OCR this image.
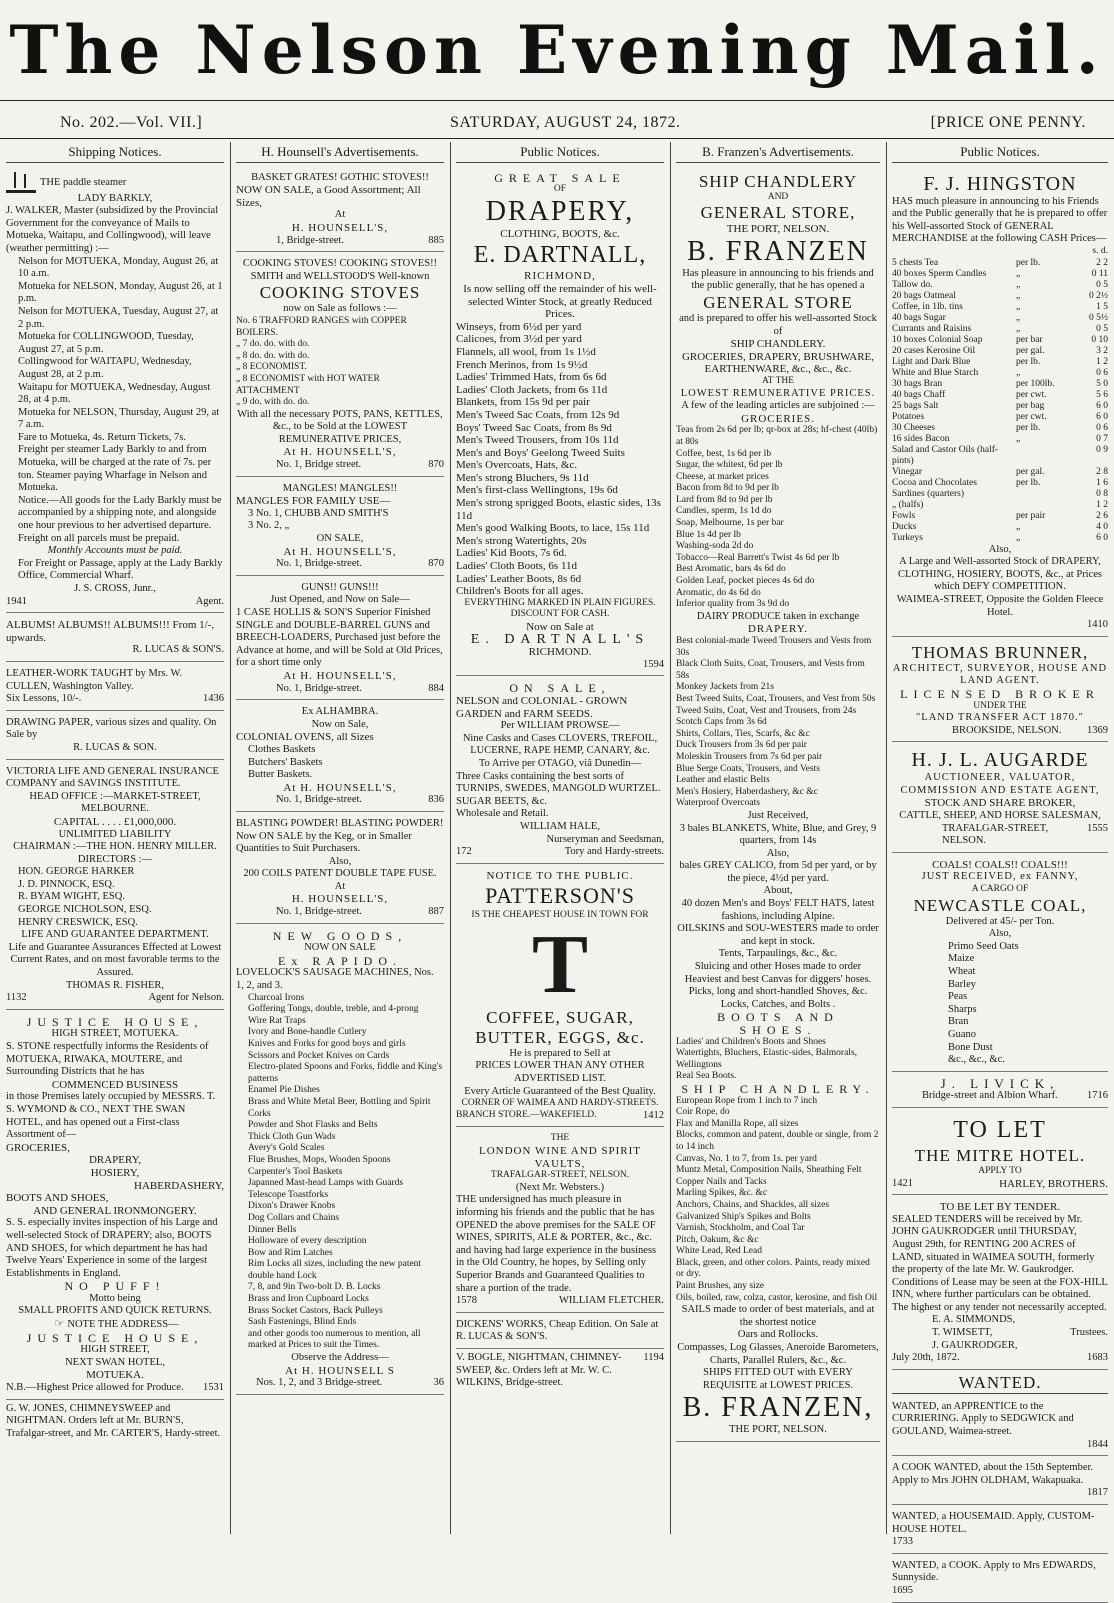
The Nelson Evening Mail.
No. 202.—Vol. VII.]	SATURDAY, AUGUST 24, 1872.	[PRICE ONE PENNY.
Shipping Notices.
THE paddle steamer
LADY BARKLY,
J. WALKER, Master (subsidized by the Provincial Government for the conveyance of Mails to Motueka, Waitapu, and Collingwood), will leave (weather permitting) :—
Nelson for MOTUEKA, Monday, August 26, at 10 a.m.
Motueka for NELSON, Monday, August 26, at 1 p.m.
Nelson for MOTUEKA, Tuesday, August 27, at 2 p.m.
Motueka for COLLINGWOOD, Tuesday, August 27, at 5 p.m.
Collingwood for WAITAPU, Wednesday, August 28, at 2 p.m.
Waitapu for MOTUEKA, Wednesday, August 28, at 4 p.m.
Motueka for NELSON, Thursday, August 29, at 7 a.m.
Fare to Motueka, 4s. Return Tickets, 7s.
Freight per steamer Lady Barkly to and from Motueka, will be charged at the rate of 7s. per ton. Steamer paying Wharfage in Nelson and Motueka.
Notice.—All goods for the Lady Barkly must be accompanied by a shipping note, and alongside one hour previous to her advertised departure. Freight on all parcels must be prepaid.
Monthly Accounts must be paid.
For Freight or Passage, apply at the Lady Barkly Office, Commercial Wharf.
J. S. CROSS, Junr.,
1941	Agent.
ALBUMS! ALBUMS!! ALBUMS!!! From 1/-, upwards.
R. LUCAS & SON'S.
LEATHER-WORK TAUGHT by Mrs. W. CULLEN, Washington Valley.
Six Lessons, 10/-.	1436
DRAWING PAPER, various sizes and quality. On Sale by
R. LUCAS & SON.
VICTORIA LIFE AND GENERAL INSURANCE COMPANY and SAVINGS INSTITUTE.
HEAD OFFICE :—MARKET-STREET, MELBOURNE.
CAPITAL . . . . £1,000,000.
UNLIMITED LIABILITY
CHAIRMAN :—THE HON. HENRY MILLER.
DIRECTORS :—
HON. GEORGE HARKER
J. D. PINNOCK, ESQ.
R. BYAM WIGHT, ESQ.
GEORGE NICHOLSON, ESQ.
HENRY CRESWICK, ESQ.
LIFE AND GUARANTEE DEPARTMENT.
Life and Guarantee Assurances Effected at Lowest Current Rates, and on most favorable terms to the Assured.
THOMAS R. FISHER,
1132	Agent for Nelson.
JUSTICE HOUSE,
HIGH STREET, MOTUEKA.
S. STONE respectfully informs the Residents of MOTUEKA, RIWAKA, MOUTERE, and Surrounding Districts that he has
COMMENCED BUSINESS
in those Premises lately occupied by MESSRS. T. S. WYMOND & CO., NEXT THE SWAN HOTEL, and has opened out a First-class Assortment of—
GROCERIES,
DRAPERY,
HOSIERY,
HABERDASHERY,
BOOTS AND SHOES,
AND GENERAL IRONMONGERY.
S. S. especially invites inspection of his Large and well-selected Stock of DRAPERY; also, BOOTS AND SHOES, for which department he has had Twelve Years' Experience in some of the largest Establishments in England.
NO PUFF!
Motto being
SMALL PROFITS AND QUICK RETURNS.
☞ NOTE THE ADDRESS—
JUSTICE HOUSE,
HIGH STREET,
NEXT SWAN HOTEL,
MOTUEKA.
N.B.—Highest Price allowed for Produce. 1531
G. W. JONES, CHIMNEYSWEEP and NIGHTMAN. Orders left at Mr. BURN'S, Trafalgar-street, and Mr. CARTER'S, Hardy-street.
H. Hounsell's Advertisements.
BASKET GRATES! GOTHIC STOVES!!
NOW ON SALE, a Good Assortment; All Sizes,
At
H. HOUNSELL'S,
1, Bridge-street.	885
COOKING STOVES! COOKING STOVES!!
SMITH and WELLSTOOD'S Well-known
COOKING STOVES
now on Sale as follows :—
No. 6 TRAFFORD RANGES with COPPER BOILERS.
„ 7 do. do. with do.
„ 8 do. do. with do.
„ 8 ECONOMIST.
„ 8 ECONOMIST with HOT WATER ATTACHMENT
„ 9 do. with do. do.
With all the necessary POTS, PANS, KETTLES, &c., to be Sold at the LOWEST REMUNERATIVE PRICES,
At H. HOUNSELL'S,
No. 1, Bridge street.	870
MANGLES! MANGLES!!
MANGLES FOR FAMILY USE—
3 No. 1, CHUBB AND SMITH'S
3 No. 2, „
ON SALE,
At H. HOUNSELL'S,
No. 1, Bridge-street.	870
GUNS!! GUNS!!!
Just Opened, and Now on Sale—
1 CASE HOLLIS & SON'S Superior Finished SINGLE and DOUBLE-BARREL GUNS and BREECH-LOADERS, Purchased just before the Advance at home, and will be Sold at Old Prices, for a short time only
At H. HOUNSELL'S,
No. 1, Bridge-street.	884
Ex ALHAMBRA.
Now on Sale,
COLONIAL OVENS, all Sizes
Clothes Baskets
Butchers' Baskets
Butter Baskets.
At H. HOUNSELL'S,
No. 1, Bridge-street.	836
BLASTING POWDER! BLASTING POWDER!
Now ON SALE by the Keg, or in Smaller Quantities to Suit Purchasers.
Also,
200 COILS PATENT DOUBLE TAPE FUSE.
At
H. HOUNSELL'S,
No. 1, Bridge-street.	887
NEW GOODS,
NOW ON SALE
Ex RAPIDO.
LOVELOCK'S SAUSAGE MACHINES, Nos. 1, 2, and 3.
Charcoal Irons
Goffering Tongs, double, treble, and 4-prong
Wire Rat Traps
Ivory and Bone-handle Cutlery
Knives and Forks for good boys and girls
Scissors and Pocket Knives on Cards
Electro-plated Spoons and Forks, fiddle and King's patterns
Enamel Pie Dishes
Brass and White Metal Beer, Bottling and Spirit Corks
Powder and Shot Flasks and Belts
Thick Cloth Gun Wads
Avery's Gold Scales
Flue Brushes, Mops, Wooden Spoons
Carpenter's Tool Baskets
Japanned Mast-head Lamps with Guards
Telescope Toastforks
Dixon's Drawer Knobs
Dog Collars and Chains
Dinner Bells
Holloware of every description
Bow and Rim Latches
Rim Locks all sizes, including the new patent double hand Lock
7, 8, and 9in Two-bolt D. B. Locks
Brass and Iron Cupboard Locks
Brass Socket Castors, Back Pulleys
Sash Fastenings, Blind Ends
and other goods too numerous to mention, all marked at Prices to suit the Times.
Observe the Address—
At H. HOUNSELL S
Nos. 1, 2, and 3 Bridge-street.	36
Public Notices.
GREAT SALE
OF
DRAPERY,
CLOTHING, BOOTS, &c.
E. DARTNALL,
RICHMOND,
Is now selling off the remainder of his well-selected Winter Stock, at greatly Reduced Prices.
Winseys, from 6½d per yard
Calicoes, from 3½d per yard
Flannels, all wool, from 1s 1½d
French Merinos, from 1s 9½d
Ladies' Trimmed Hats, from 6s 6d
Ladies' Cloth Jackets, from 6s 11d
Blankets, from 15s 9d per pair
Men's Tweed Sac Coats, from 12s 9d
Boys' Tweed Sac Coats, from 8s 9d
Men's Tweed Trousers, from 10s 11d
Men's and Boys' Geelong Tweed Suits
Men's Overcoats, Hats, &c.
Men's strong Bluchers, 9s 11d
Men's first-class Wellingtons, 19s 6d
Men's strong sprigged Boots, elastic sides, 13s 11d
Men's good Walking Boots, to lace, 15s 11d
Men's strong Watertights, 20s
Ladies' Kid Boots, 7s 6d.
Ladies' Cloth Boots, 6s 11d
Ladies' Leather Boots, 8s 6d
Children's Boots for all ages.
EVERYTHING MARKED IN PLAIN FIGURES.
DISCOUNT FOR CASH.
Now on Sale at
E. DARTNALL'S
RICHMOND.
1594
ON SALE,
NELSON and COLONIAL - GROWN GARDEN and FARM SEEDS.
Per WILLIAM PROWSE—
Nine Casks and Cases CLOVERS, TREFOIL, LUCERNE, RAPE HEMP, CANARY, &c.
To Arrive per OTAGO, viâ Dunedin—
Three Casks containing the best sorts of TURNIPS, SWEDES, MANGOLD WURTZEL. SUGAR BEETS, &c.
Wholesale and Retail.
WILLIAM HALE,
Nurseryman and Seedsman,
172	Tory and Hardy-streets.
NOTICE TO THE PUBLIC.
PATTERSON'S
IS THE CHEAPEST HOUSE IN TOWN FOR
T
COFFEE, SUGAR,
BUTTER, EGGS, &c.
He is prepared to Sell at
PRICES LOWER THAN ANY OTHER ADVERTISED LIST.
Every Article Guaranteed of the Best Quality.
CORNER OF WAIMEA AND HARDY-STREETS.
BRANCH STORE.—WAKEFIELD.	1412
THE
LONDON WINE AND SPIRIT VAULTS,
TRAFALGAR-STREET, NELSON.
(Next Mr. Websters.)
THE undersigned has much pleasure in informing his friends and the public that he has OPENED the above premises for the SALE OF WINES, SPIRITS, ALE & PORTER, &c., &c.
and having had large experience in the business in the Old Country, he hopes, by Selling only Superior Brands and Guaranteed Qualities to share a portion of the trade.
1578	WILLIAM FLETCHER.
DICKENS' WORKS, Cheap Edition. On Sale at R. LUCAS & SON'S.
V. BOGLE, NIGHTMAN, CHIMNEY-SWEEP, &c. Orders left at Mr. W. C. WILKINS, Bridge-street.
1194
B. Franzen's Advertisements.
SHIP CHANDLERY
AND
GENERAL STORE,
THE PORT, NELSON.
B. FRANZEN
Has pleasure in announcing to his friends and the public generally, that he has opened a
GENERAL STORE
and is prepared to offer his well-assorted Stock of
SHIP CHANDLERY.
GROCERIES, DRAPERY, BRUSHWARE, EARTHENWARE, &c., &c., &c.
AT THE
LOWEST REMUNERATIVE PRICES.
A few of the leading articles are subjoined :—
GROCERIES.
Teas from 2s 6d per lb; qr-box at 28s; hf-chest (40lb) at 80s
Coffee, best, 1s 6d per lb
Sugar, the whitest, 6d per lb
Cheese, at market prices
Bacon from 8d to 9d per lb
Lard from 8d to 9d per lb
Candles, sperm, 1s 1d do
Soap, Melbourne, 1s per bar
Blue 1s 4d per lb
Washing-soda 2d do
Tobacco—Real Barrett's Twist 4s 6d per lb
Best Aromatic, bars 4s 6d do
Golden Leaf, pocket pieces 4s 6d do
Aromatic, do 4s 6d do
Inferior quality from 3s 9d do
DAIRY PRODUCE taken in exchange
DRAPERY.
Best colonial-made Tweed Trousers and Vests from 30s
Black Cloth Suits, Coat, Trousers, and Vests from 58s
Monkey Jackets from 21s
Best Tweed Suits, Coat, Trousers, and Vest from 50s
Tweed Suits, Coat, Vest and Trousers, from 24s
Scotch Caps from 3s 6d
Shirts, Collars, Ties, Scarfs, &c &c
Duck Trousers from 3s 6d per pair
Moleskin Trousers from 7s 6d per pair
Blue Serge Coats, Trousers, and Vests
Leather and elastic Belts
Men's Hosiery, Haberdashery, &c &c
Waterproof Overcoats
Just Received,
3 bales BLANKETS, White, Blue, and Grey, 9 quarters, from 14s
Also,
bales GREY CALICO, from 5d per yard, or by the piece, 4½d per yard.
About,
40 dozen Men's and Boys' FELT HATS, latest fashions, including Alpine.
OILSKINS and SOU-WESTERS made to order and kept in stock.
Tents, Tarpaulings, &c., &c.
Sluicing and other Hoses made to order
Heaviest and best Canvas for diggers' hoses.
Picks, long and short-handled Shoves, &c. Locks, Catches, and Bolts .
BOOTS AND SHOES.
Ladies' and Children's Boots and Shoes
Watertights, Bluchers, Elastic-sides, Balmorals, Wellingtons
Real Sea Boots.
SHIP CHANDLERY.
European Rope from 1 inch to 7 inch
Coir Rope, do
Flax and Manilla Rope, all sizes
Blocks, common and patent, double or single, from 2 to 14 inch
Canvas, No. 1 to 7, from 1s. per yard
Muntz Metal, Composition Nails, Sheathing Felt
Copper Nails and Tacks
Marling Spikes, &c. &c
Anchors, Chains, and Shackles, all sizes
Galvanized Ship's Spikes and Bolts
Varnish, Stockholm, and Coal Tar
Pitch, Oakum, &c &c
White Lead, Red Lead
Black, green, and other colors. Paints, ready mixed or dry.
Paint Brushes, any size
Oils, boiled, raw, colza, castor, kerosine, and fish Oil
SAILS made to order of best materials, and at the shortest notice
Oars and Rollocks.
Compasses, Log Glasses, Aneroide Barometers, Charts, Parallel Rulers, &c., &c.
SHIPS FITTED OUT with EVERY REQUISITE at LOWEST PRICES.
B. FRANZEN,
THE PORT, NELSON.
Public Notices.
F. J. HINGSTON
HAS much pleasure in announcing to his Friends and the Public generally that he is prepared to offer his Well-assorted Stock of GENERAL MERCHANDISE at the following CASH Prices—
s. d.
5 chests Tea	per lb.	2 2
40 boxes Sperm Candles	„	0 11
Tallow do.	„	0 5
20 bags Oatmeal	„	0 2½
Coffee, in 1lb. tins	„	1 5
40 bags Sugar	„	0 5½
Currants and Raisins	„	0 5
10 boxes Colonial Soap	per bar	0 10
20 cases Kerosine Oil	per gal.	3 2
Light and Dark Blue	per lb.	1 2
White and Blue Starch	„	0 6
30 bags Bran	per 100lb.	5 0
40 bags Chaff	per cwt.	5 6
25 bags Salt	per bag	6 0
Potatoes	per cwt.	6 0
30 Cheeses	per lb.	0 6
16 sides Bacon	„	0 7
Salad and Castor Oils (half-pints)		0 9
Vinegar	per gal.	2 8
Cocoa and Chocolates	per lb.	1 6
Sardines (quarters)		0 8
„ (halfs)		1 2
Fowls	per pair	2 6
Ducks	„	4 0
Turkeys	„	6 0
Also,
A Large and Well-assorted Stock of DRAPERY, CLOTHING, HOSIERY, BOOTS, &c., at Prices which DEFY COMPETITION.
WAIMEA-STREET, Opposite the Golden Fleece Hotel.
1410
THOMAS BRUNNER,
ARCHITECT, SURVEYOR, HOUSE AND LAND AGENT.
LICENSED BROKER
UNDER THE
"LAND TRANSFER ACT 1870."
BROOKSIDE, NELSON. 1369
H. J. L. AUGARDE
AUCTIONEER, VALUATOR, COMMISSION AND ESTATE AGENT,
STOCK AND SHARE BROKER,
CATTLE, SHEEP, AND HORSE SALESMAN,
TRAFALGAR-STREET, NELSON.
1555
COALS! COALS!! COALS!!!
JUST RECEIVED, ex FANNY,
A CARGO OF
NEWCASTLE COAL,
Delivered at 45/- per Ton.
Also,
Primo Seed Oats
Maize
Wheat
Barley
Peas
Sharps
Bran
Guano
Bone Dust
&c., &c., &c.
J. LIVICK,
Bridge-street and Albion Wharf.	1716
TO LET
THE MITRE HOTEL.
APPLY TO
1421	HARLEY, BROTHERS.
TO BE LET BY TENDER.
SEALED TENDERS will be received by Mr. JOHN GAUKRODGER until THURSDAY, August 29th, for RENTING 200 ACRES of LAND, situated in WAIMEA SOUTH, formerly the property of the late Mr. W. Gaukrodger.
Conditions of Lease may be seen at the FOX-HILL INN, where further particulars can be obtained.
The highest or any tender not necessarily accepted.
E. A. SIMMONDS,
T. WIMSETT,
J. GAUKRODGER,
Trustees.
July 20th, 1872.	1683
WANTED.
WANTED, an APPRENTICE to the CURRIERING. Apply to SEDGWICK and GOULAND, Waimea-street.
1844
A COOK WANTED, about the 15th September. Apply to Mrs JOHN OLDHAM, Wakapuaka.
1817
WANTED, a HOUSEMAID. Apply, CUSTOM-HOUSE HOTEL.
1733
WANTED, a COOK. Apply to Mrs EDWARDS, Sunnyside.
1695
